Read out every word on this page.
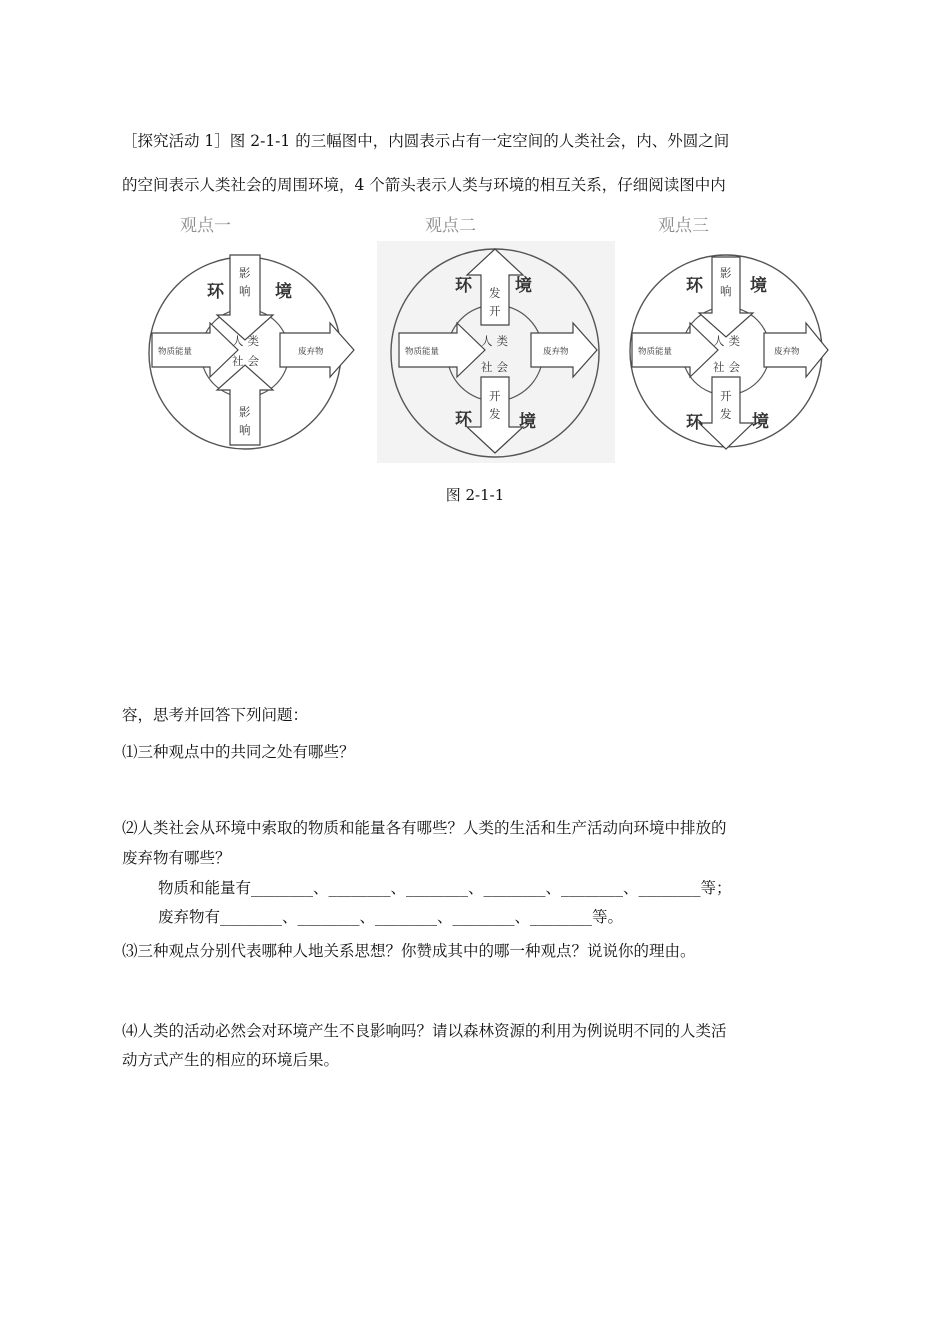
［探究活动 1］图 2-1-1 的三幅图中，内圆表示占有一定空间的人类社会，内、外圆之间
的空间表示人类社会的周围环境，4 个箭头表示人类与环境的相互关系，仔细阅读图中内
观点一
环	境
影
响
影
响
物质能量	废弃物
人类
社会
观点二
环	境
发
开
开
发
环	境
物质能量	废弃物
人类
社会
观点三
环	境
影
响
开
发
环	境
物质能量	废弃物
人类
社会
图 2-1-1
容，思考并回答下列问题：
⑴三种观点中的共同之处有哪些？
⑵人类社会从环境中索取的物质和能量各有哪些？人类的生活和生产活动向环境中排放的
废弃物有哪些？
物质和能量有________、________、________、________、________、________等；
废弃物有________、________、________、________、________等。
⑶三种观点分别代表哪种人地关系思想？你赞成其中的哪一种观点？说说你的理由。
⑷人类的活动必然会对环境产生不良影响吗？请以森林资源的利用为例说明不同的人类活
动方式产生的相应的环境后果。
